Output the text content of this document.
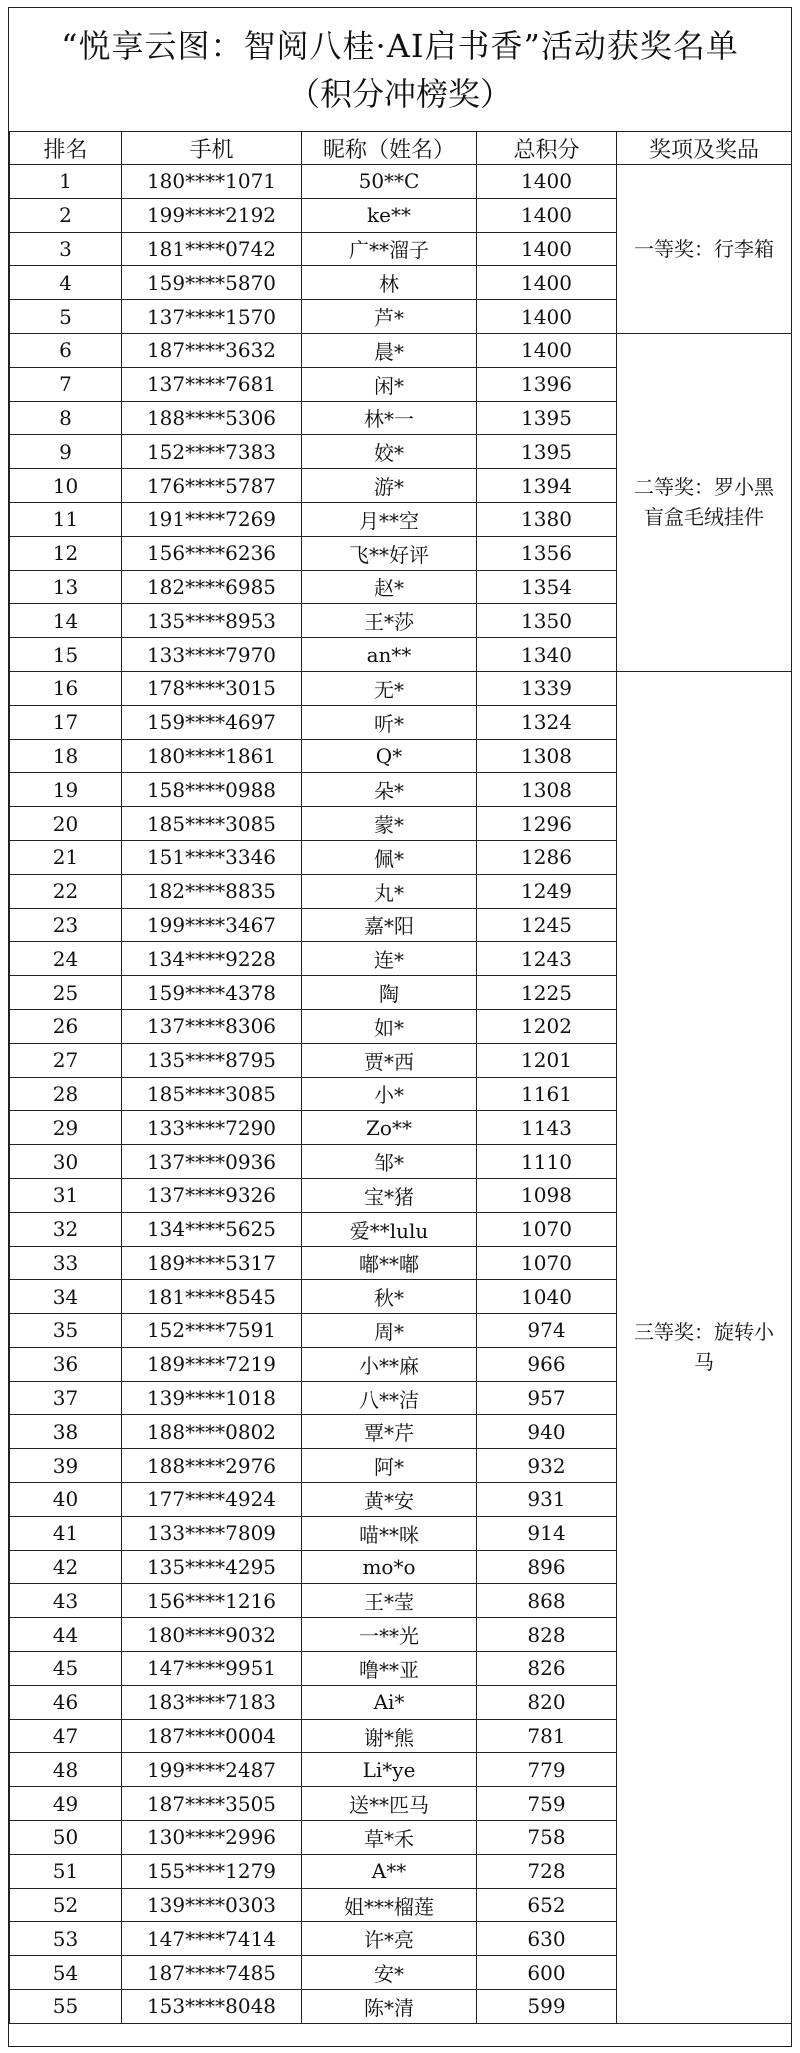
“悦享云图：智阅八桂·AI启书香”活动获奖名单
（积分冲榜奖）
排名	手机	昵称（姓名）	总积分	奖项及奖品
1	180****1071	50**C	1400	一等奖：行李箱
2	199****2192	ke**	1400	
3	181****0742	广**溜子	1400	
4	159****5870	林	1400	
5	137****1570	芦*	1400	
6	187****3632	晨*	1400	二等奖：罗小黑盲盒毛绒挂件
7	137****7681	闲*	1396	
8	188****5306	林*一	1395	
9	152****7383	姣*	1395	
10	176****5787	游*	1394	
11	191****7269	月**空	1380	
12	156****6236	飞**好评	1356	
13	182****6985	赵*	1354	
14	135****8953	王*莎	1350	
15	133****7970	an**	1340	
16	178****3015	无*	1339	三等奖：旋转小马
17	159****4697	听*	1324	
18	180****1861	Q*	1308	
19	158****0988	朵*	1308	
20	185****3085	蒙*	1296	
21	151****3346	佩*	1286	
22	182****8835	丸*	1249	
23	199****3467	嘉*阳	1245	
24	134****9228	连*	1243	
25	159****4378	陶	1225	
26	137****8306	如*	1202	
27	135****8795	贾*西	1201	
28	185****3085	小*	1161	
29	133****7290	Zo**	1143	
30	137****0936	邹*	1110	
31	137****9326	宝*猪	1098	
32	134****5625	爱**lulu	1070	
33	189****5317	嘟**嘟	1070	
34	181****8545	秋*	1040	
35	152****7591	周*	974	
36	189****7219	小**麻	966	
37	139****1018	八**洁	957	
38	188****0802	覃*芹	940	
39	188****2976	阿*	932	
40	177****4924	黄*安	931	
41	133****7809	喵**咪	914	
42	135****4295	mo*o	896	
43	156****1216	王*莹	868	
44	180****9032	一**光	828	
45	147****9951	噜**亚	826	
46	183****7183	Ai*	820	
47	187****0004	谢*熊	781	
48	199****2487	Li*ye	779	
49	187****3505	送**匹马	759	
50	130****2996	草*禾	758	
51	155****1279	A**	728	
52	139****0303	姐***榴莲	652	
53	147****7414	许*亮	630	
54	187****7485	安*	600	
55	153****8048	陈*清	599	
